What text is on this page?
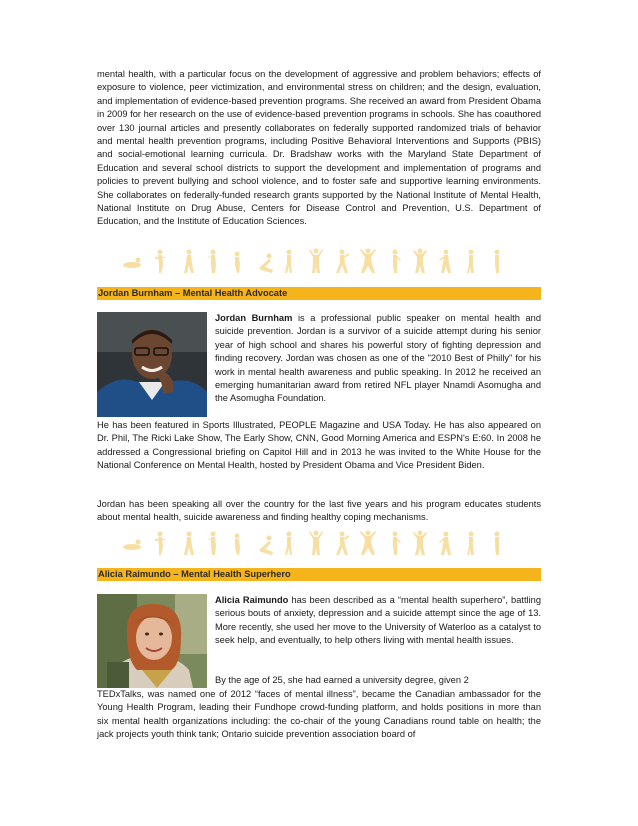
mental health, with a particular focus on the development of aggressive and problem behaviors; effects of exposure to violence, peer victimization, and environmental stress on children; and the design, evaluation, and implementation of evidence-based prevention programs. She received an award from President Obama in 2009 for her research on the use of evidence-based prevention programs in schools. She has coauthored over 130 journal articles and presently collaborates on federally supported randomized trials of behavior and mental health prevention programs, including Positive Behavioral Interventions and Supports (PBIS) and social-emotional learning curricula. Dr. Bradshaw works with the Maryland State Department of Education and several school districts to support the development and implementation of programs and policies to prevent bullying and school violence, and to foster safe and supportive learning environments. She collaborates on federally-funded research grants supported by the National Institute of Mental Health, National Institute on Drug Abuse, Centers for Disease Control and Prevention, U.S. Department of Education, and the Institute of Education Sciences.

Jordan Burnham – Mental Health Advocate

Jordan Burnham is a professional public speaker on mental health and suicide prevention. Jordan is a survivor of a suicide attempt during his senior year of high school and shares his powerful story of fighting depression and finding recovery. Jordan was chosen as one of the "2010 Best of Philly" for his work in mental health awareness and public speaking. In 2012 he received an emerging humanitarian award from retired NFL player Nnamdi Asomugha and the Asomugha Foundation.

He has been featured in Sports Illustrated, PEOPLE Magazine and USA Today. He has also appeared on Dr. Phil, The Ricki Lake Show, The Early Show, CNN, Good Morning America and ESPN's E:60. In 2008 he addressed a Congressional briefing on Capitol Hill and in 2013 he was invited to the White House for the National Conference on Mental Health, hosted by President Obama and Vice President Biden.

Jordan has been speaking all over the country for the last five years and his program educates students about mental health, suicide awareness and finding healthy coping mechanisms.

Alicia Raimundo – Mental Health Superhero

Alicia Raimundo has been described as a “mental health superhero”, battling serious bouts of anxiety, depression and a suicide attempt since the age of 13. More recently, she used her move to the University of Waterloo as a catalyst to seek help, and eventually, to help others living with mental health issues.

By the age of 25, she had earned a university degree, given 2

TEDxTalks, was named one of 2012 “faces of mental illness”, became the Canadian ambassador for the Young Health Program, leading their Fundhope crowd-funding platform, and holds positions in more than six mental health organizations including: the co-chair of the young Canadians round table on health; the jack projects youth think tank; Ontario suicide prevention association board of
